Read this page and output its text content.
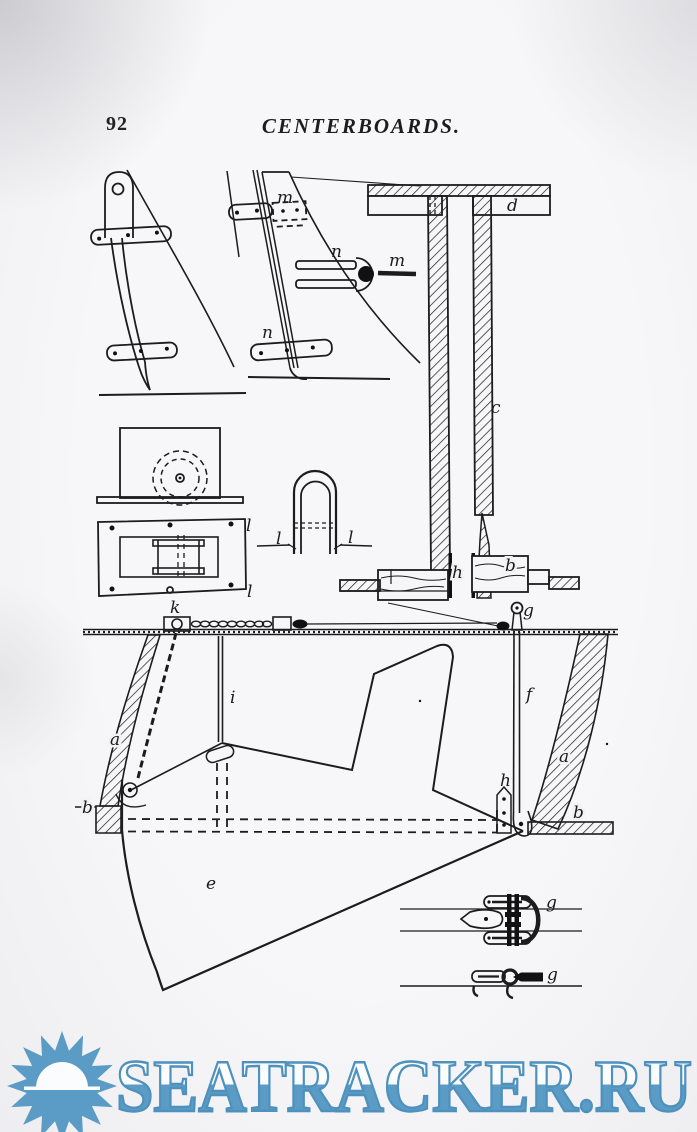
92	CENTERBOARDS.
m
n	m
n
d
c
h b
l
l
l	l
k	g
i
a
f
a
h
b
b
e
g
g
SEATRACKER.RU
